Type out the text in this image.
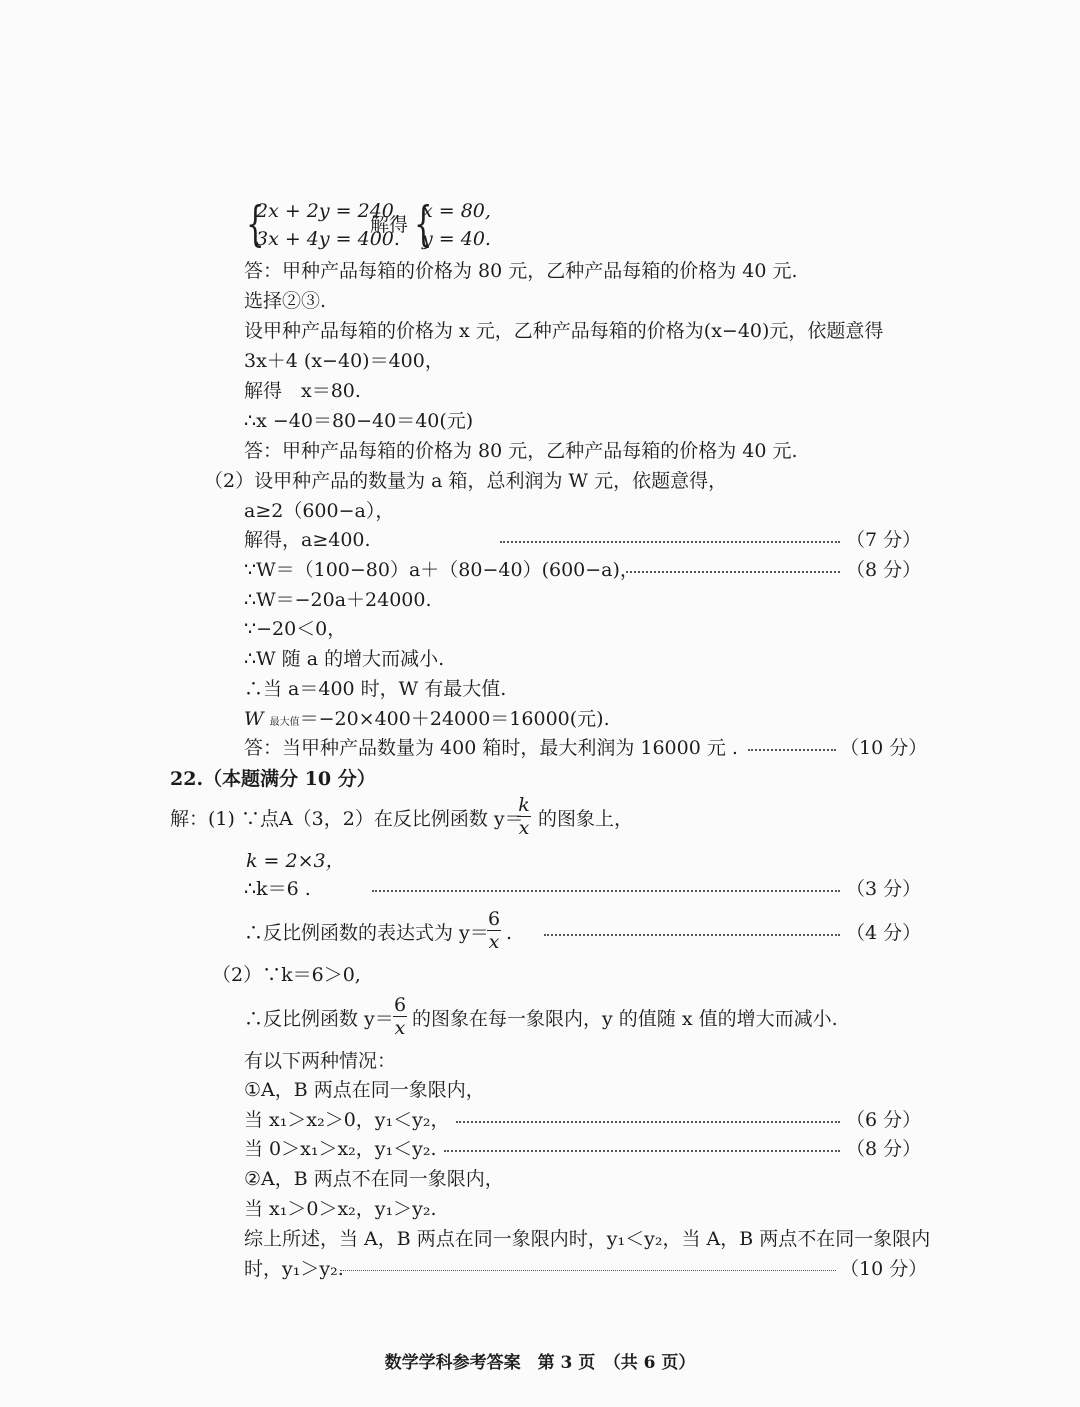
{
2x + 2y = 240,
3x + 4y = 400.
解得 {
x = 80,
y = 40.
答：甲种产品每箱的价格为 80 元，乙种产品每箱的价格为 40 元.
选择②③.
设甲种产品每箱的价格为 x 元，乙种产品每箱的价格为(x−40)元，依题意得
3x＋4 (x−40)＝400，
解得　x＝80.
∴x −40＝80−40＝40(元)
答：甲种产品每箱的价格为 80 元，乙种产品每箱的价格为 40 元.
（2）设甲种产品的数量为 a 箱，总利润为 W 元，依题意得，
a≥2（600−a），
解得，a≥400.	（7 分）
∵W＝（100−80）a＋（80−40）(600−a)，	（8 分）
∴W＝−20a＋24000.
∵−20＜0，
∴W 随 a 的增大而减小.
∴当 a＝400 时，W 有最大值.
W 最大值＝−20×400＋24000＝16000(元).
答：当甲种产品数量为 400 箱时，最大利润为 16000 元 .	（10 分）
22.（本题满分 10 分）
解：(1) ∵点A（3，2）在反比例函数 y＝
k
x 的图象上，
k = 2×3，
∴k＝6 .	（3 分）
∴反比例函数的表达式为 y＝
6
x .	（4 分）
（2）∵k＝6＞0,
∴反比例函数 y＝
6
x 的图象在每一象限内，y 的值随 x 值的增大而减小.
有以下两种情况：
①A，B 两点在同一象限内，
当 x₁＞x₂＞0，y₁＜y₂，	（6 分）
当 0＞x₁＞x₂，y₁＜y₂.	（8 分）
②A，B 两点不在同一象限内，
当 x₁＞0＞x₂，y₁＞y₂.
综上所述，当 A，B 两点在同一象限内时，y₁＜y₂，当 A，B 两点不在同一象限内
时，y₁＞y₂.	（10 分）
数学学科参考答案　第 3 页　（共 6 页）
